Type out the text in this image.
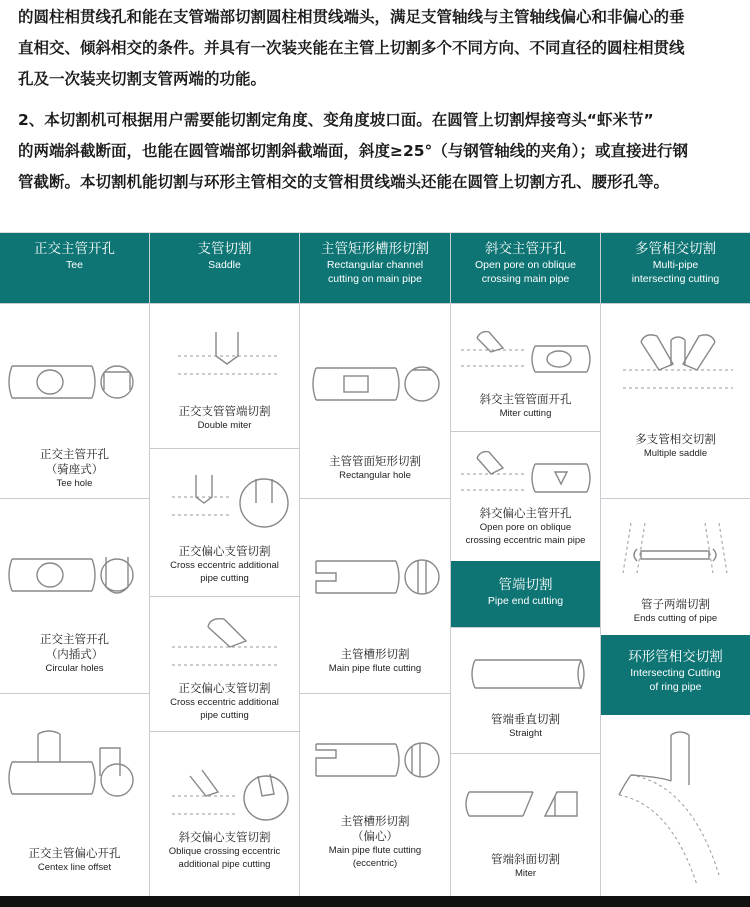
的圆柱相贯线孔和能在支管端部切割圆柱相贯线端头，满足支管轴线与主管轴线偏心和非偏心的垂

直相交、倾斜相交的条件。并具有一次装夹能在主管上切割多个不同方向、不同直径的圆柱相贯线

孔及一次装夹切割支管两端的功能。

2、本切割机可根据用户需要能切割定角度、变角度坡口面。在圆管上切割焊接弯头“虾米节”

的两端斜截断面，也能在圆管端部切割斜截端面，斜度≥25°（与钢管轴线的夹角）；或直接进行钢

管截断。本切割机能切割与环形主管相交的支管相贯线端头还能在圆管上切割方孔、腰形孔等。

正交主管开孔
Tee
正交主管开孔
（骑座式）
Tee hole
正交主管开孔
（内插式）
Circular holes
正交主管偏心开孔
Centex line offset
支管切割
Saddle
正交支管管端切割
Double miter
正交偏心支管切割
Cross eccentric additional
pipe cutting
正交偏心支管切割
Cross eccentric additional
pipe cutting
斜交偏心支管切割
Oblique crossing eccentric
additional pipe cutting
主管矩形槽形切割
Rectangular channel
cutting on main pipe
主管管面矩形切割
Rectangular hole
主管槽形切割
Main pipe flute cutting
主管槽形切割
（偏心）
Main pipe flute cutting
(eccentric)
斜交主管开孔
Open pore on oblique
crossing main pipe
斜交主管管面开孔
Miter cutting
斜交偏心主管开孔
Open pore on oblique
crossing eccentric main pipe
管端切割
Pipe end cutting
管端垂直切割
Straight
管端斜面切割
Miter
多管相交切割
Multi-pipe
intersecting cutting
多支管相交切割
Multiple saddle
管子两端切割
Ends cutting of pipe
环形管相交切割
Intersecting Cutting
of ring pipe
